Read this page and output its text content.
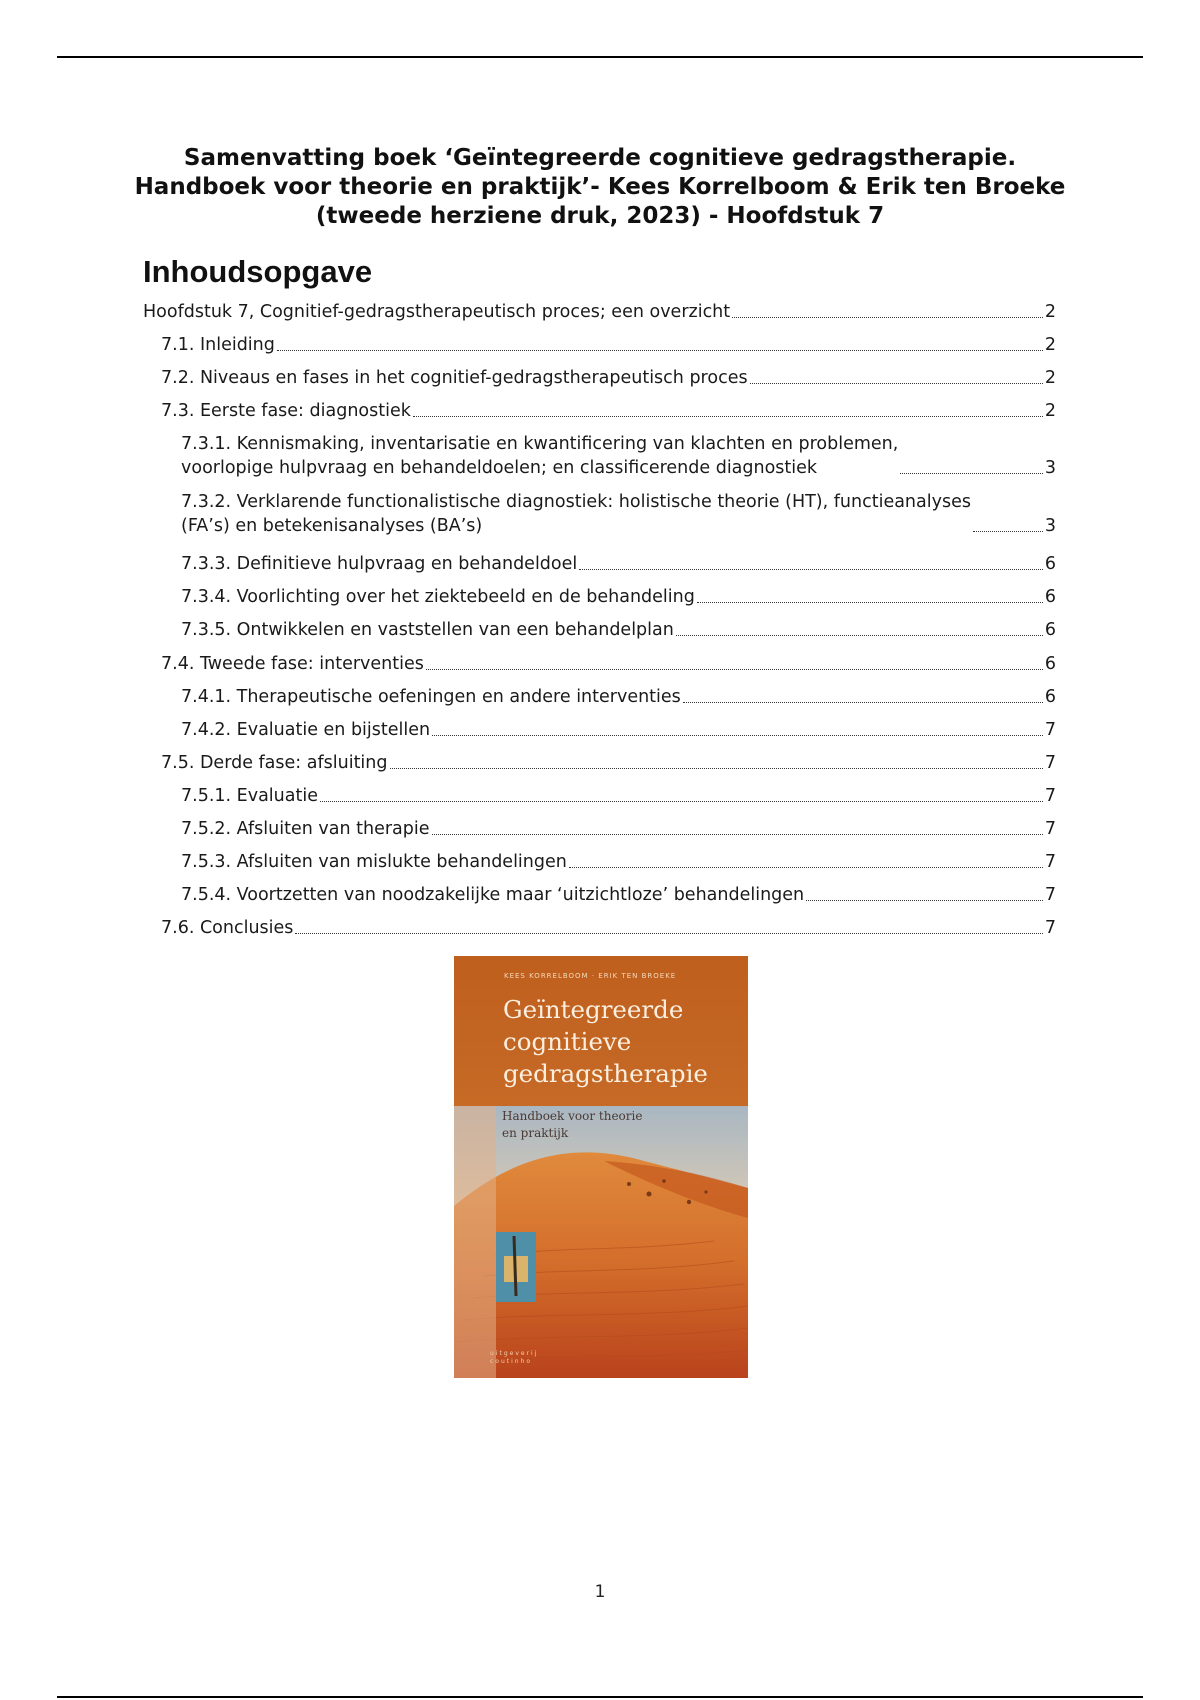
Samenvatting boek ‘Geïntegreerde cognitieve gedragstherapie.
Handboek voor theorie en praktijk’- Kees Korrelboom & Erik ten Broeke
(tweede herziene druk, 2023) - Hoofdstuk 7
Inhoudsopgave
Hoofdstuk 7, Cognitief-gedragstherapeutisch proces; een overzicht	2
7.1. Inleiding	2
7.2. Niveaus en fases in het cognitief-gedragstherapeutisch proces	2
7.3. Eerste fase: diagnostiek	2
7.3.1. Kennismaking, inventarisatie en kwantificering van klachten en problemen,
voorlopige hulpvraag en behandeldoelen; en classificerende diagnostiek	3
7.3.2. Verklarende functionalistische diagnostiek: holistische theorie (HT), functieanalyses
(FA’s) en betekenisanalyses (BA’s)	3
7.3.3. Definitieve hulpvraag en behandeldoel	6
7.3.4. Voorlichting over het ziektebeeld en de behandeling	6
7.3.5. Ontwikkelen en vaststellen van een behandelplan	6
7.4. Tweede fase: interventies	6
7.4.1. Therapeutische oefeningen en andere interventies	6
7.4.2. Evaluatie en bijstellen	7
7.5. Derde fase: afsluiting	7
7.5.1. Evaluatie	7
7.5.2. Afsluiten van therapie	7
7.5.3. Afsluiten van mislukte behandelingen	7
7.5.4. Voortzetten van noodzakelijke maar ‘uitzichtloze’ behandelingen	7
7.6. Conclusies	7
KEES KORRELBOOM · ERIK TEN BROEKE
Geïntegreerde
cognitieve
gedragstherapie
Handboek voor theorie
en praktijk
uitgeverij
coutinho
1
